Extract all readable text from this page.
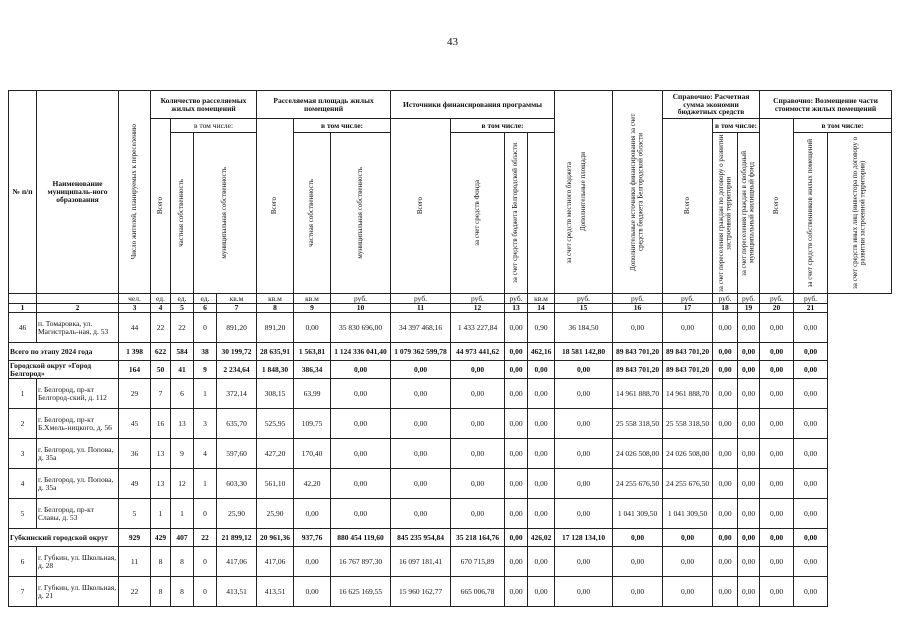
43
№ п/п	Наименование муниципаль-ного образования	Число жителей, планируемых к переселению	Количество расселяемых жилых помещений				Расселяемая площадь жилых помещений			Источники финансирования программы				Дополнительные площади	Дополнительные источники финансирования за счет средств бюджета Белгородской области	Справочно: Расчетная сумма экономии бюджетных средств			Справочно: Возмещение части стоимости жилых помещений		

			Всего	в том числе:			Всего	в том числе:		Всего	в том числе:					Всего	в том числе:		Всего	в том числе:	

				частная собственность	муниципальная собственность			частная собственность	муниципальная собственность		за счет средств Фонда	за счет средств бюджета Белгородской области	за счет средств местного бюджета				за счет переселения граждан по договору о развитии застроенной территории	за счет переселения граждан в свободный муниципальный жилищный фонд		за счет средств собственников жилых помещений	за счет средств иных лиц (инвестора по договору о развитии застроенной территории)

		чел.	ед.	ед.	ед.	кв.м	кв.м	кв.м	руб.	руб.	руб.	руб.	кв.м	руб.	руб.	руб.	руб.	руб.	руб.	руб.	
1	2	3	4	5	6	7	8	9	10	11	12	13	14	15	16	17	18	19	20	21	
46	п. Томаровка, ул. Магистраль-ная, д. 53	44	22	22	0	891,20	891,20	0,00	35 830 696,00	34 397 468,16	1 433 227,84	0,00	0,90	36 184,50	0,00	0,00	0,00	0,00	0,00	0,00	
Всего по этапу 2024 года		1 398	622	584	38	30 199,72	28 635,91	1 563,81	1 124 336 041,40	1 079 362 599,78	44 973 441,62	0,00	462,16	18 581 142,80	89 843 701,20	89 843 701,20	0,00	0,00	0,00	0,00	
Городской округ «Город Белгород»		164	50	41	9	2 234,64	1 848,30	386,34	0,00	0,00	0,00	0,00	0,00	0,00	89 843 701,20	89 843 701,20	0,00	0,00	0,00	0,00	
1	г. Белгород, пр-кт Белгород-ский, д. 112	29	7	6	1	372,14	308,15	63,99	0,00	0,00	0,00	0,00	0,00	0,00	14 961 888,70	14 961 888,70	0,00	0,00	0,00	0,00	
2	г. Белгород, пр-кт Б.Хмель-ницкого, д. 56	45	16	13	3	635,70	525,95	109,75	0,00	0,00	0,00	0,00	0,00	0,00	25 558 318,50	25 558 318,50	0,00	0,00	0,00	0,00	
3	г. Белгород, ул. Попова, д. 35а	36	13	9	4	597,60	427,20	170,40	0,00	0,00	0,00	0,00	0,00	0,00	24 026 508,00	24 026 508,00	0,00	0,00	0,00	0,00	
4	г. Белгород, ул. Попова, д. 35а	49	13	12	1	603,30	561,10	42,20	0,00	0,00	0,00	0,00	0,00	0,00	24 255 676,50	24 255 676,50	0,00	0,00	0,00	0,00	
5	г. Белгород, пр-кт Славы, д. 53	5	1	1	0	25,90	25,90	0,00	0,00	0,00	0,00	0,00	0,00	0,00	1 041 309,50	1 041 309,50	0,00	0,00	0,00	0,00	
Губкинский городской округ		929	429	407	22	21 899,12	20 961,36	937,76	880 454 119,60	845 235 954,84	35 218 164,76	0,00	426,02	17 128 134,10	0,00	0,00	0,00	0,00	0,00	0,00	
6	г. Губкин, ул. Школьная, д. 28	11	8	8	0	417,06	417,06	0,00	16 767 897,30	16 097 181,41	670 715,89	0,00	0,00	0,00	0,00	0,00	0,00	0,00	0,00	0,00	
7	г. Губкин, ул. Школьная, д. 21	22	8	8	0	413,51	413,51	0,00	16 625 169,55	15 960 162,77	665 006,78	0,00	0,00	0,00	0,00	0,00	0,00	0,00	0,00	0,00	
